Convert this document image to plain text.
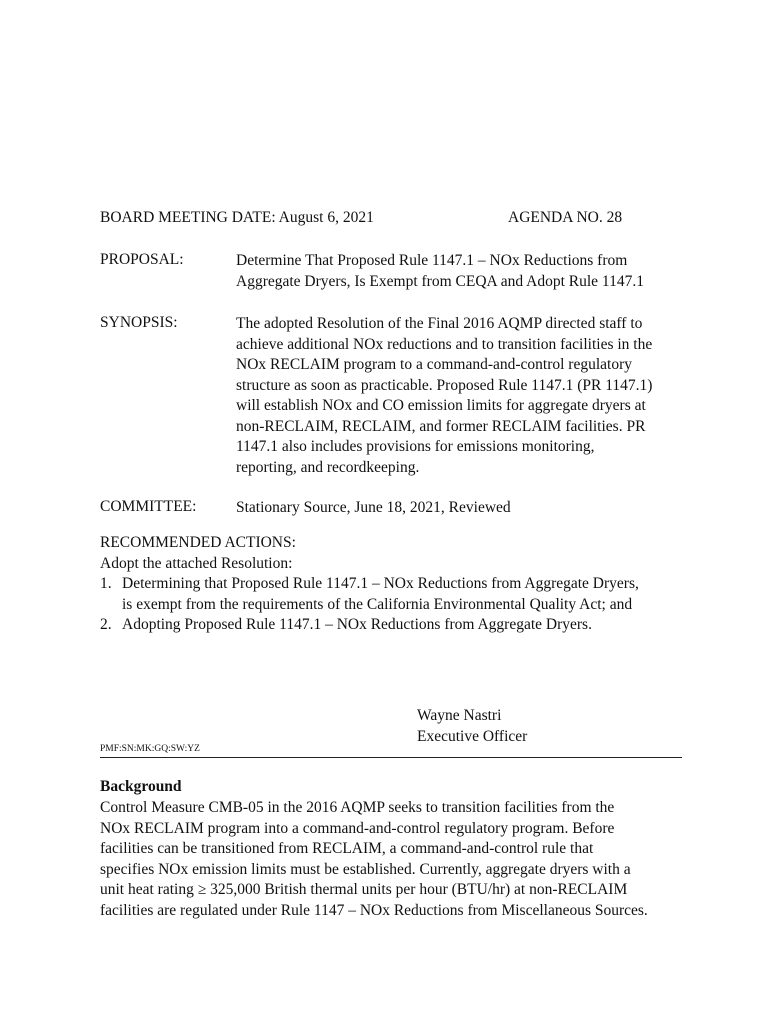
BOARD MEETING DATE: August 6, 2021	AGENDA NO. 28
PROPOSAL:	Determine That Proposed Rule 1147.1 – NOx Reductions from
Aggregate Dryers, Is Exempt from CEQA and Adopt Rule 1147.1
SYNOPSIS:	The adopted Resolution of the Final 2016 AQMP directed staff to
achieve additional NOx reductions and to transition facilities in the
NOx RECLAIM program to a command-and-control regulatory
structure as soon as practicable. Proposed Rule 1147.1 (PR 1147.1)
will establish NOx and CO emission limits for aggregate dryers at
non-RECLAIM, RECLAIM, and former RECLAIM facilities. PR
1147.1 also includes provisions for emissions monitoring,
reporting, and recordkeeping.
COMMITTEE:	Stationary Source, June 18, 2021, Reviewed
RECOMMENDED ACTIONS:
Adopt the attached Resolution:
1. Determining that Proposed Rule 1147.1 – NOx Reductions from Aggregate Dryers,
is exempt from the requirements of the California Environmental Quality Act; and
2. Adopting Proposed Rule 1147.1 – NOx Reductions from Aggregate Dryers.
Wayne Nastri
Executive Officer
PMF:SN:MK:GQ:SW:YZ
Background
Control Measure CMB-05 in the 2016 AQMP seeks to transition facilities from the
NOx RECLAIM program into a command-and-control regulatory program. Before
facilities can be transitioned from RECLAIM, a command-and-control rule that
specifies NOx emission limits must be established. Currently, aggregate dryers with a
unit heat rating ≥ 325,000 British thermal units per hour (BTU/hr) at non-RECLAIM
facilities are regulated under Rule 1147 – NOx Reductions from Miscellaneous Sources.
